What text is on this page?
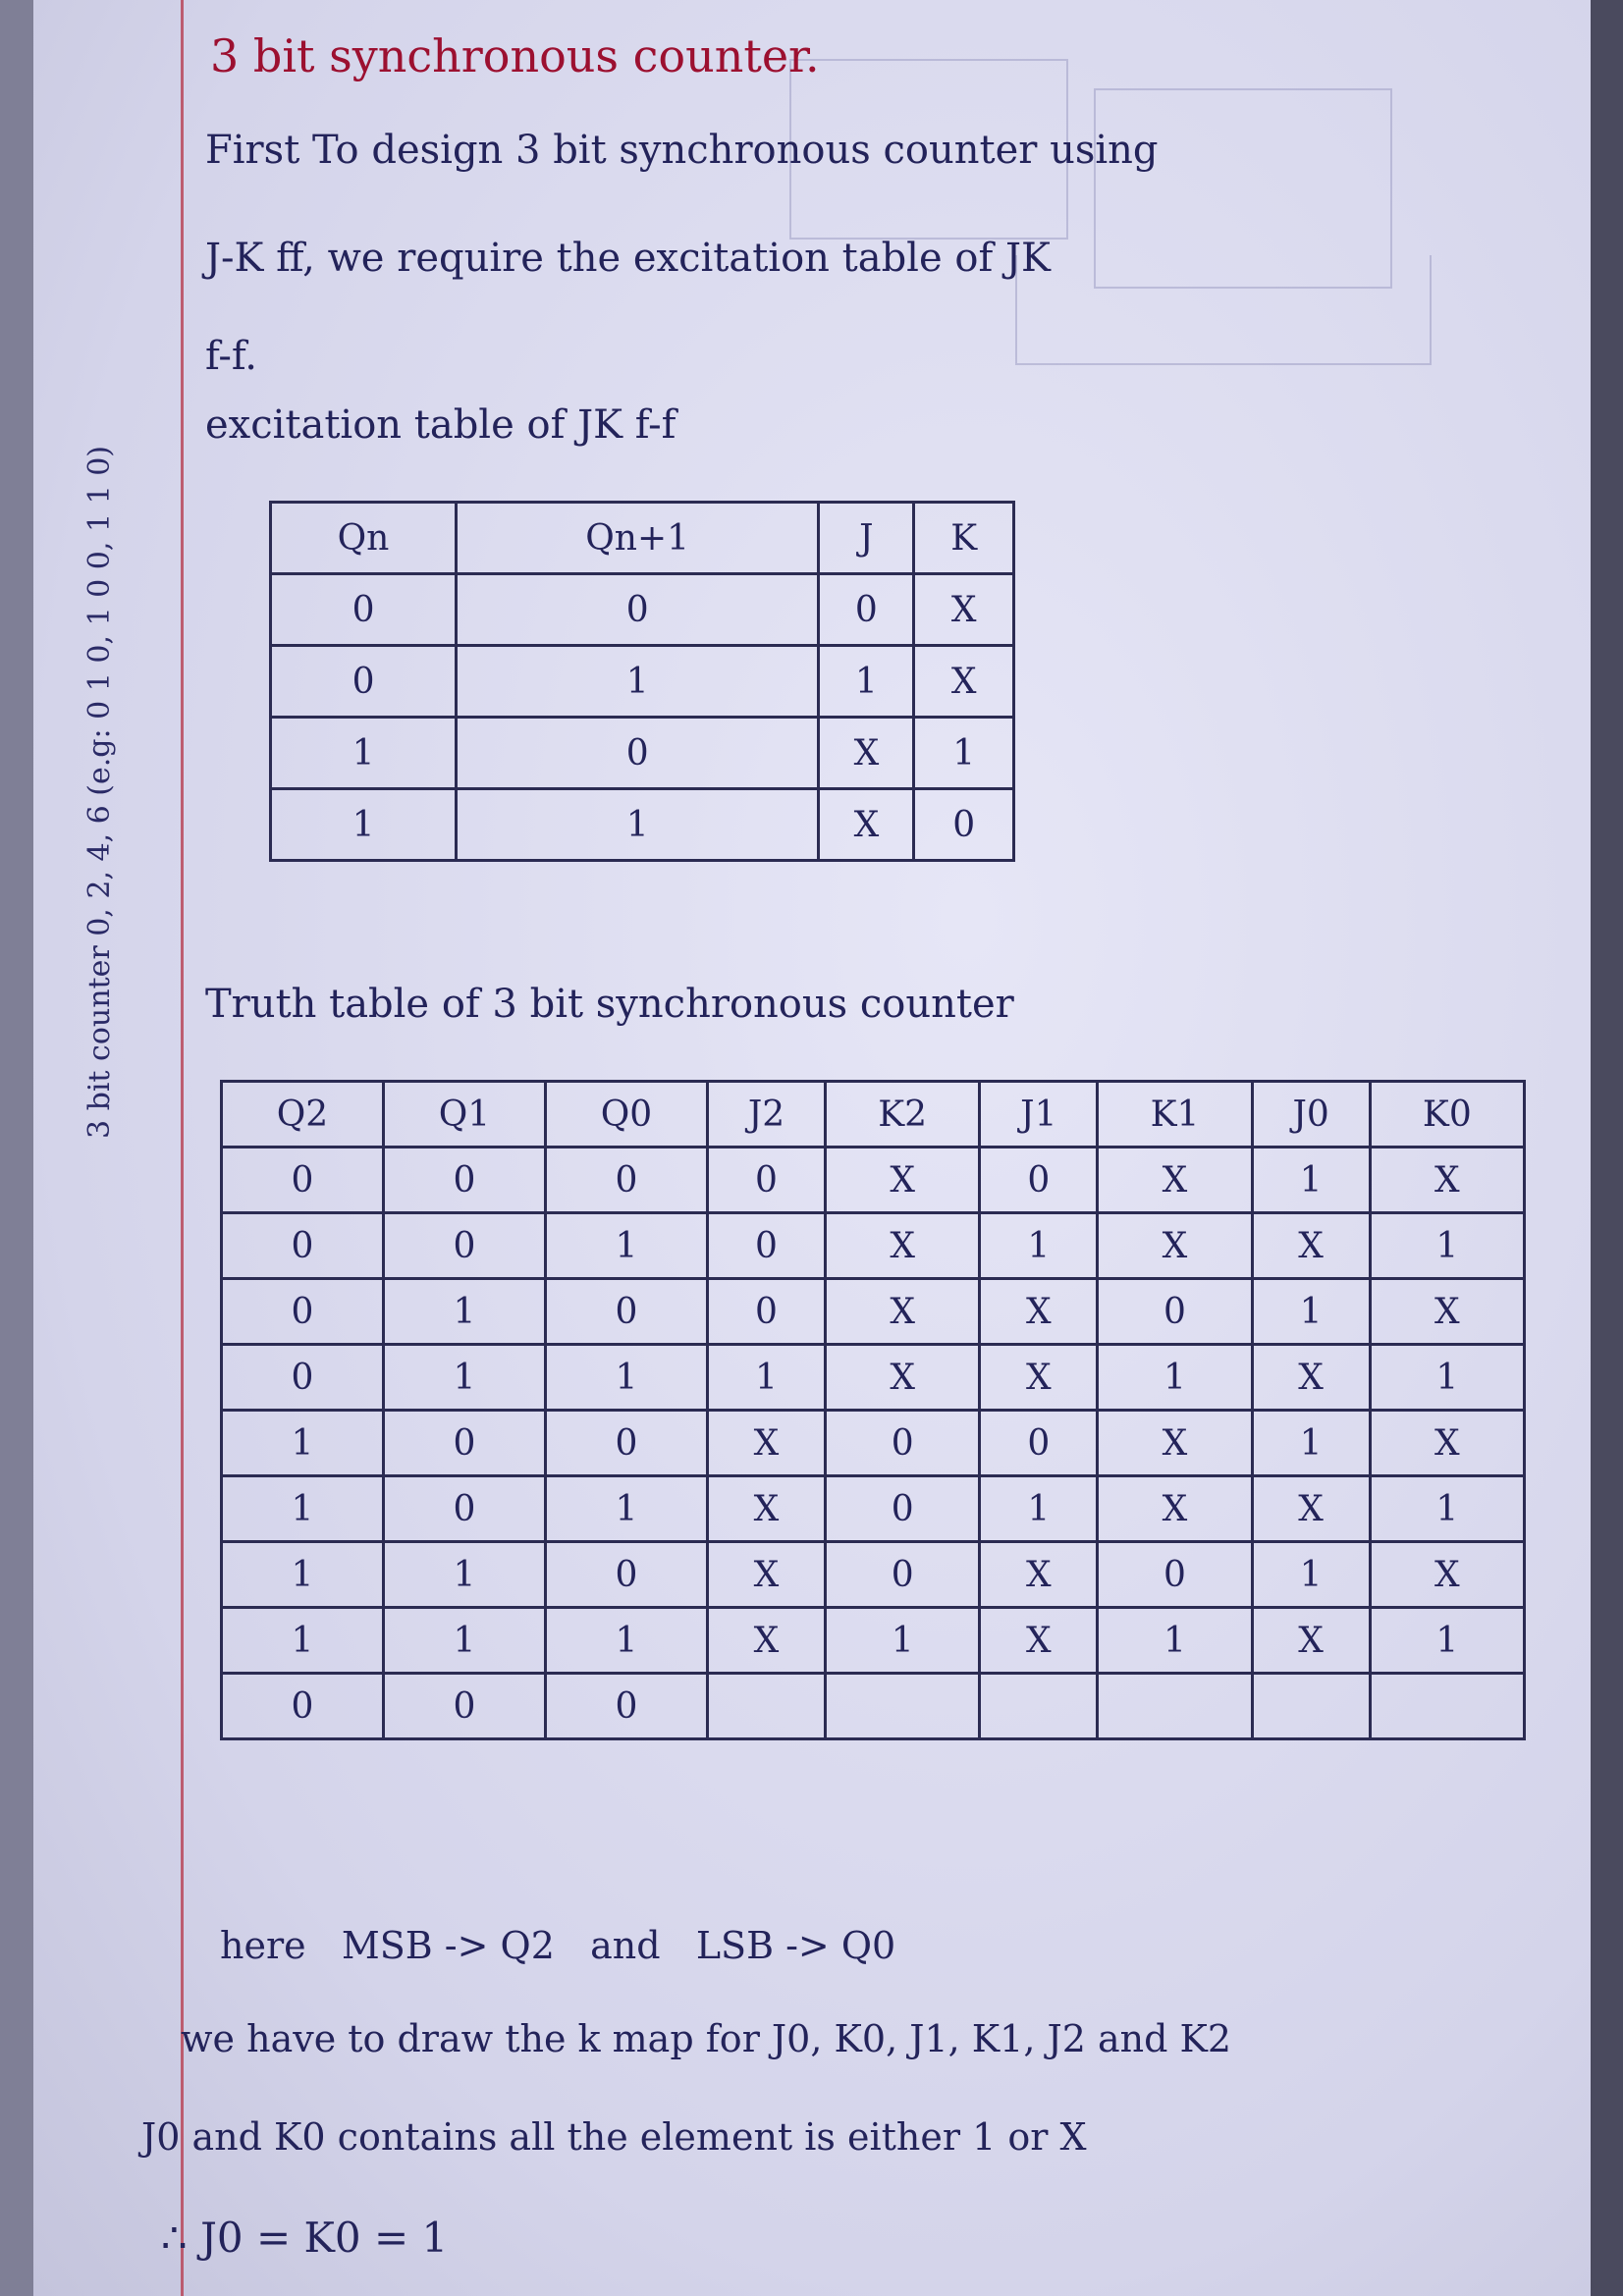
3 bit synchronous counter.
3 bit counter 0, 2, 4, 6 (e.g: 0 1 0, 1 0 0, 1 1 0)
First To design 3 bit synchronous counter using
J-K ff, we require the excitation table of JK
f-f.
excitation table of JK f-f
Qn	Qn+1	J	K
0	0	0	X
0	1	1	X
1	0	X	1
1	1	X	0
Truth table of 3 bit synchronous counter
Q2	Q1	Q0	J2	K2	J1	K1	J0	K0
0	0	0	0	X	0	X	1	X
0	0	1	0	X	1	X	X	1
0	1	0	0	X	X	0	1	X
0	1	1	1	X	X	1	X	1
1	0	0	X	0	0	X	1	X
1	0	1	X	0	1	X	X	1
1	1	0	X	0	X	0	1	X
1	1	1	X	1	X	1	X	1
0	0	0						
here   MSB -> Q2   and   LSB -> Q0
we have to draw the k map for J0, K0, J1, K1, J2 and K2
J0 and K0 contains all the element is either 1 or X
∴ J0 = K0 = 1
